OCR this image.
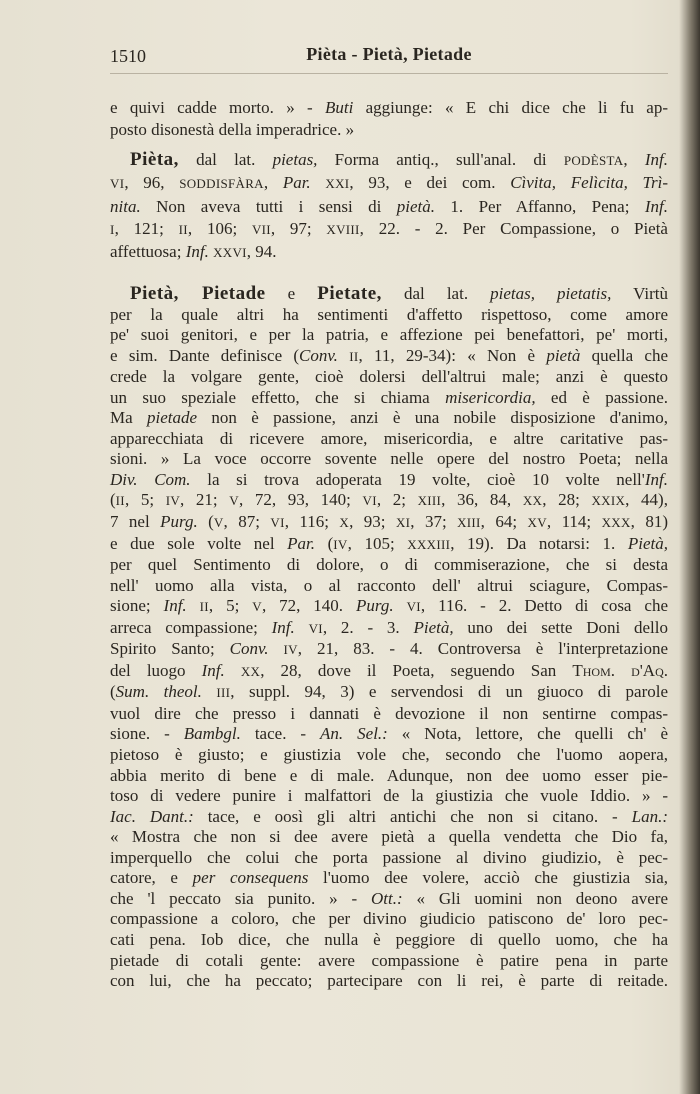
1510	Pièta - Pietà, Pietade
e quivi cadde morto. » - Buti aggiunge: « E chi dice che li fu ap-
posto disonestà della imperadrice. »
Pièta, dal lat. pietas, Forma antiq., sull'anal. di PODÈSTA, Inf.
VI, 96, SODDISFÀRA, Par. XXI, 93, e dei com. Cìvita, Felìcita, Trì-
nita. Non aveva tutti i sensi di pietà. 1. Per Affanno, Pena; Inf.
I, 121; II, 106; VII, 97; XVIII, 22. - 2. Per Compassione, o Pietà
affettuosa; Inf. XXVI, 94.
Pietà, Pietade e Pietate, dal lat. pietas, pietatis, Virtù
per la quale altri ha sentimenti d'affetto rispettoso, come amore
pe' suoi genitori, e per la patria, e affezione pei benefattori, pe' morti,
e sim. Dante definisce (Conv. II, 11, 29-34): « Non è pietà quella che
crede la volgare gente, cioè dolersi dell'altrui male; anzi è questo
un suo speziale effetto, che si chiama misericordia, ed è passione.
Ma pietade non è passione, anzi è una nobile disposizione d'animo,
apparecchiata di ricevere amore, misericordia, e altre caritative pas-
sioni. » La voce occorre sovente nelle opere del nostro Poeta; nella
Div. Com. la si trova adoperata 19 volte, cioè 10 volte nell'Inf.
(II, 5; IV, 21; V, 72, 93, 140; VI, 2; XIII, 36, 84, XX, 28; XXIX, 44),
7 nel Purg. (V, 87; VI, 116; X, 93; XI, 37; XIII, 64; XV, 114; XXX, 81)
e due sole volte nel Par. (IV, 105; XXXIII, 19). Da notarsi: 1. Pietà,
per quel Sentimento di dolore, o di commiserazione, che si desta
nell' uomo alla vista, o al racconto dell' altrui sciagure, Compas-
sione; Inf. II, 5; V, 72, 140. Purg. VI, 116. - 2. Detto di cosa che
arreca compassione; Inf. VI, 2. - 3. Pietà, uno dei sette Doni dello
Spirito Santo; Conv. IV, 21, 83. - 4. Controversa è l'interpretazione
del luogo Inf. XX, 28, dove il Poeta, seguendo San Thom. d'Aq.
(Sum. theol. III, suppl. 94, 3) e servendosi di un giuoco di parole
vuol dire che presso i dannati è devozione il non sentirne compas-
sione. - Bambgl. tace. - An. Sel.: « Nota, lettore, che quelli ch' è
pietoso è giusto; e giustizia vole che, secondo che l'uomo aopera,
abbia merito di bene e di male. Adunque, non dee uomo esser pie-
toso di vedere punire i malfattori de la giustizia che vuole Iddio. » -
Iac. Dant.: tace, e oosì gli altri antichi che non si citano. - Lan.:
« Mostra che non si dee avere pietà a quella vendetta che Dio fa,
imperquello che colui che porta passione al divino giudizio, è pec-
catore, e per consequens l'uomo dee volere, acciò che giustizia sia,
che 'l peccato sia punito. » - Ott.: « Gli uomini non deono avere
compassione a coloro, che per divino giudicio patiscono de' loro pec-
cati pena. Iob dice, che nulla è peggiore di quello uomo, che ha
pietade di cotali gente: avere compassione è patire pena in parte
con lui, che ha peccato; partecipare con li rei, è parte di reitade.
